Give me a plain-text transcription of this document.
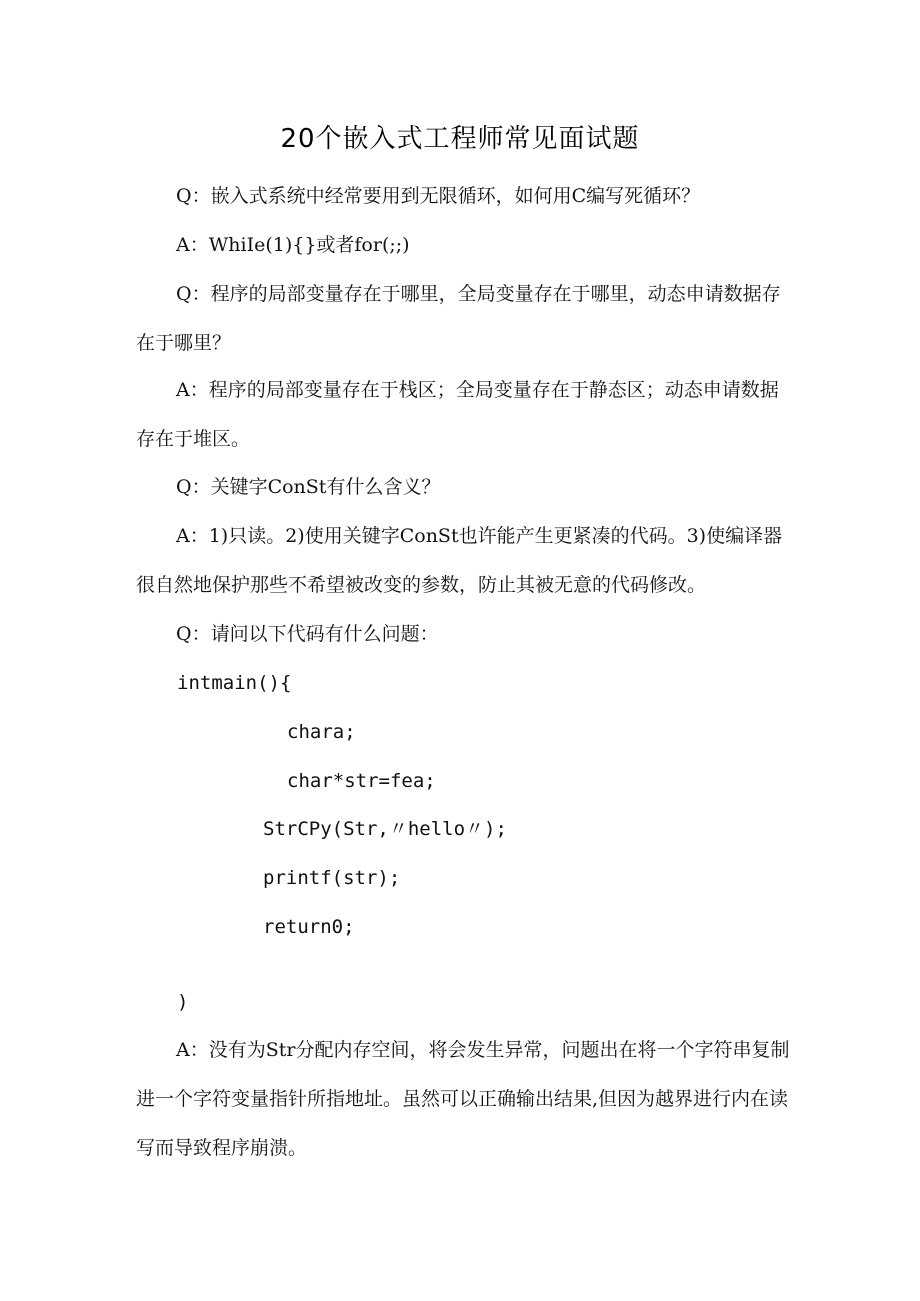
20个嵌入式工程师常见面试题

Q：嵌入式系统中经常要用到无限循环，如何用C编写死循环？

A：WhiIe(1){}或者for(;;)

Q：程序的局部变量存在于哪里，全局变量存在于哪里，动态申请数据存在于哪里？

A：程序的局部变量存在于栈区；全局变量存在于静态区；动态申请数据存在于堆区。

Q：关键字ConSt有什么含义？

A：1)只读。2)使用关键字ConSt也许能产生更紧凑的代码。3)使编译器很自然地保护那些不希望被改变的参数，防止其被无意的代码修改。

Q：请问以下代码有什么问题：

intmain(){
chara;
char*str=fea;
StrCPy(Str,〃hello〃);
printf(str);
return0;
)

A：没有为Str分配内存空间，将会发生异常，问题出在将一个字符串复制进一个字符变量指针所指地址。虽然可以正确输出结果,但因为越界进行内在读写而导致程序崩溃。
